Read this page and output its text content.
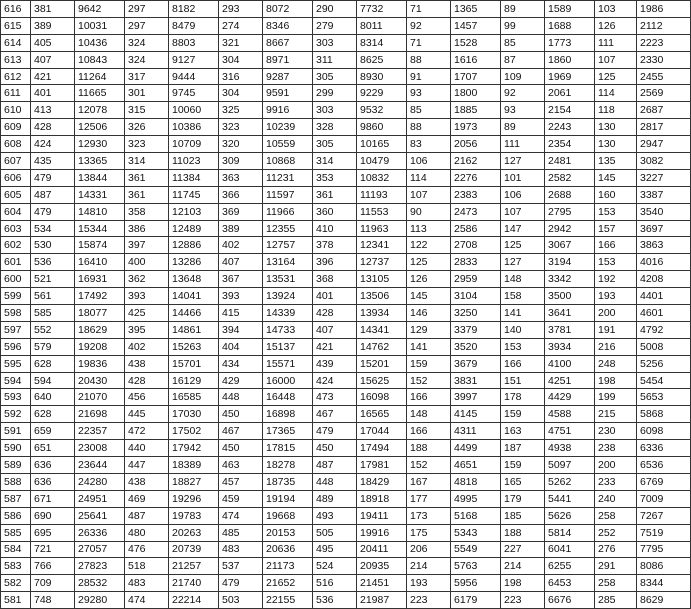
616	381	9642	297	8182	293	8072	290	7732	71	1365	89	1589	103	1986
615	389	10031	297	8479	274	8346	279	8011	92	1457	99	1688	126	2112
614	405	10436	324	8803	321	8667	303	8314	71	1528	85	1773	111	2223
613	407	10843	324	9127	304	8971	311	8625	88	1616	87	1860	107	2330
612	421	11264	317	9444	316	9287	305	8930	91	1707	109	1969	125	2455
611	401	11665	301	9745	304	9591	299	9229	93	1800	92	2061	114	2569
610	413	12078	315	10060	325	9916	303	9532	85	1885	93	2154	118	2687
609	428	12506	326	10386	323	10239	328	9860	88	1973	89	2243	130	2817
608	424	12930	323	10709	320	10559	305	10165	83	2056	111	2354	130	2947
607	435	13365	314	11023	309	10868	314	10479	106	2162	127	2481	135	3082
606	479	13844	361	11384	363	11231	353	10832	114	2276	101	2582	145	3227
605	487	14331	361	11745	366	11597	361	11193	107	2383	106	2688	160	3387
604	479	14810	358	12103	369	11966	360	11553	90	2473	107	2795	153	3540
603	534	15344	386	12489	389	12355	410	11963	113	2586	147	2942	157	3697
602	530	15874	397	12886	402	12757	378	12341	122	2708	125	3067	166	3863
601	536	16410	400	13286	407	13164	396	12737	125	2833	127	3194	153	4016
600	521	16931	362	13648	367	13531	368	13105	126	2959	148	3342	192	4208
599	561	17492	393	14041	393	13924	401	13506	145	3104	158	3500	193	4401
598	585	18077	425	14466	415	14339	428	13934	146	3250	141	3641	200	4601
597	552	18629	395	14861	394	14733	407	14341	129	3379	140	3781	191	4792
596	579	19208	402	15263	404	15137	421	14762	141	3520	153	3934	216	5008
595	628	19836	438	15701	434	15571	439	15201	159	3679	166	4100	248	5256
594	594	20430	428	16129	429	16000	424	15625	152	3831	151	4251	198	5454
593	640	21070	456	16585	448	16448	473	16098	166	3997	178	4429	199	5653
592	628	21698	445	17030	450	16898	467	16565	148	4145	159	4588	215	5868
591	659	22357	472	17502	467	17365	479	17044	166	4311	163	4751	230	6098
590	651	23008	440	17942	450	17815	450	17494	188	4499	187	4938	238	6336
589	636	23644	447	18389	463	18278	487	17981	152	4651	159	5097	200	6536
588	636	24280	438	18827	457	18735	448	18429	167	4818	165	5262	233	6769
587	671	24951	469	19296	459	19194	489	18918	177	4995	179	5441	240	7009
586	690	25641	487	19783	474	19668	493	19411	173	5168	185	5626	258	7267
585	695	26336	480	20263	485	20153	505	19916	175	5343	188	5814	252	7519
584	721	27057	476	20739	483	20636	495	20411	206	5549	227	6041	276	7795
583	766	27823	518	21257	537	21173	524	20935	214	5763	214	6255	291	8086
582	709	28532	483	21740	479	21652	516	21451	193	5956	198	6453	258	8344
581	748	29280	474	22214	503	22155	536	21987	223	6179	223	6676	285	8629
